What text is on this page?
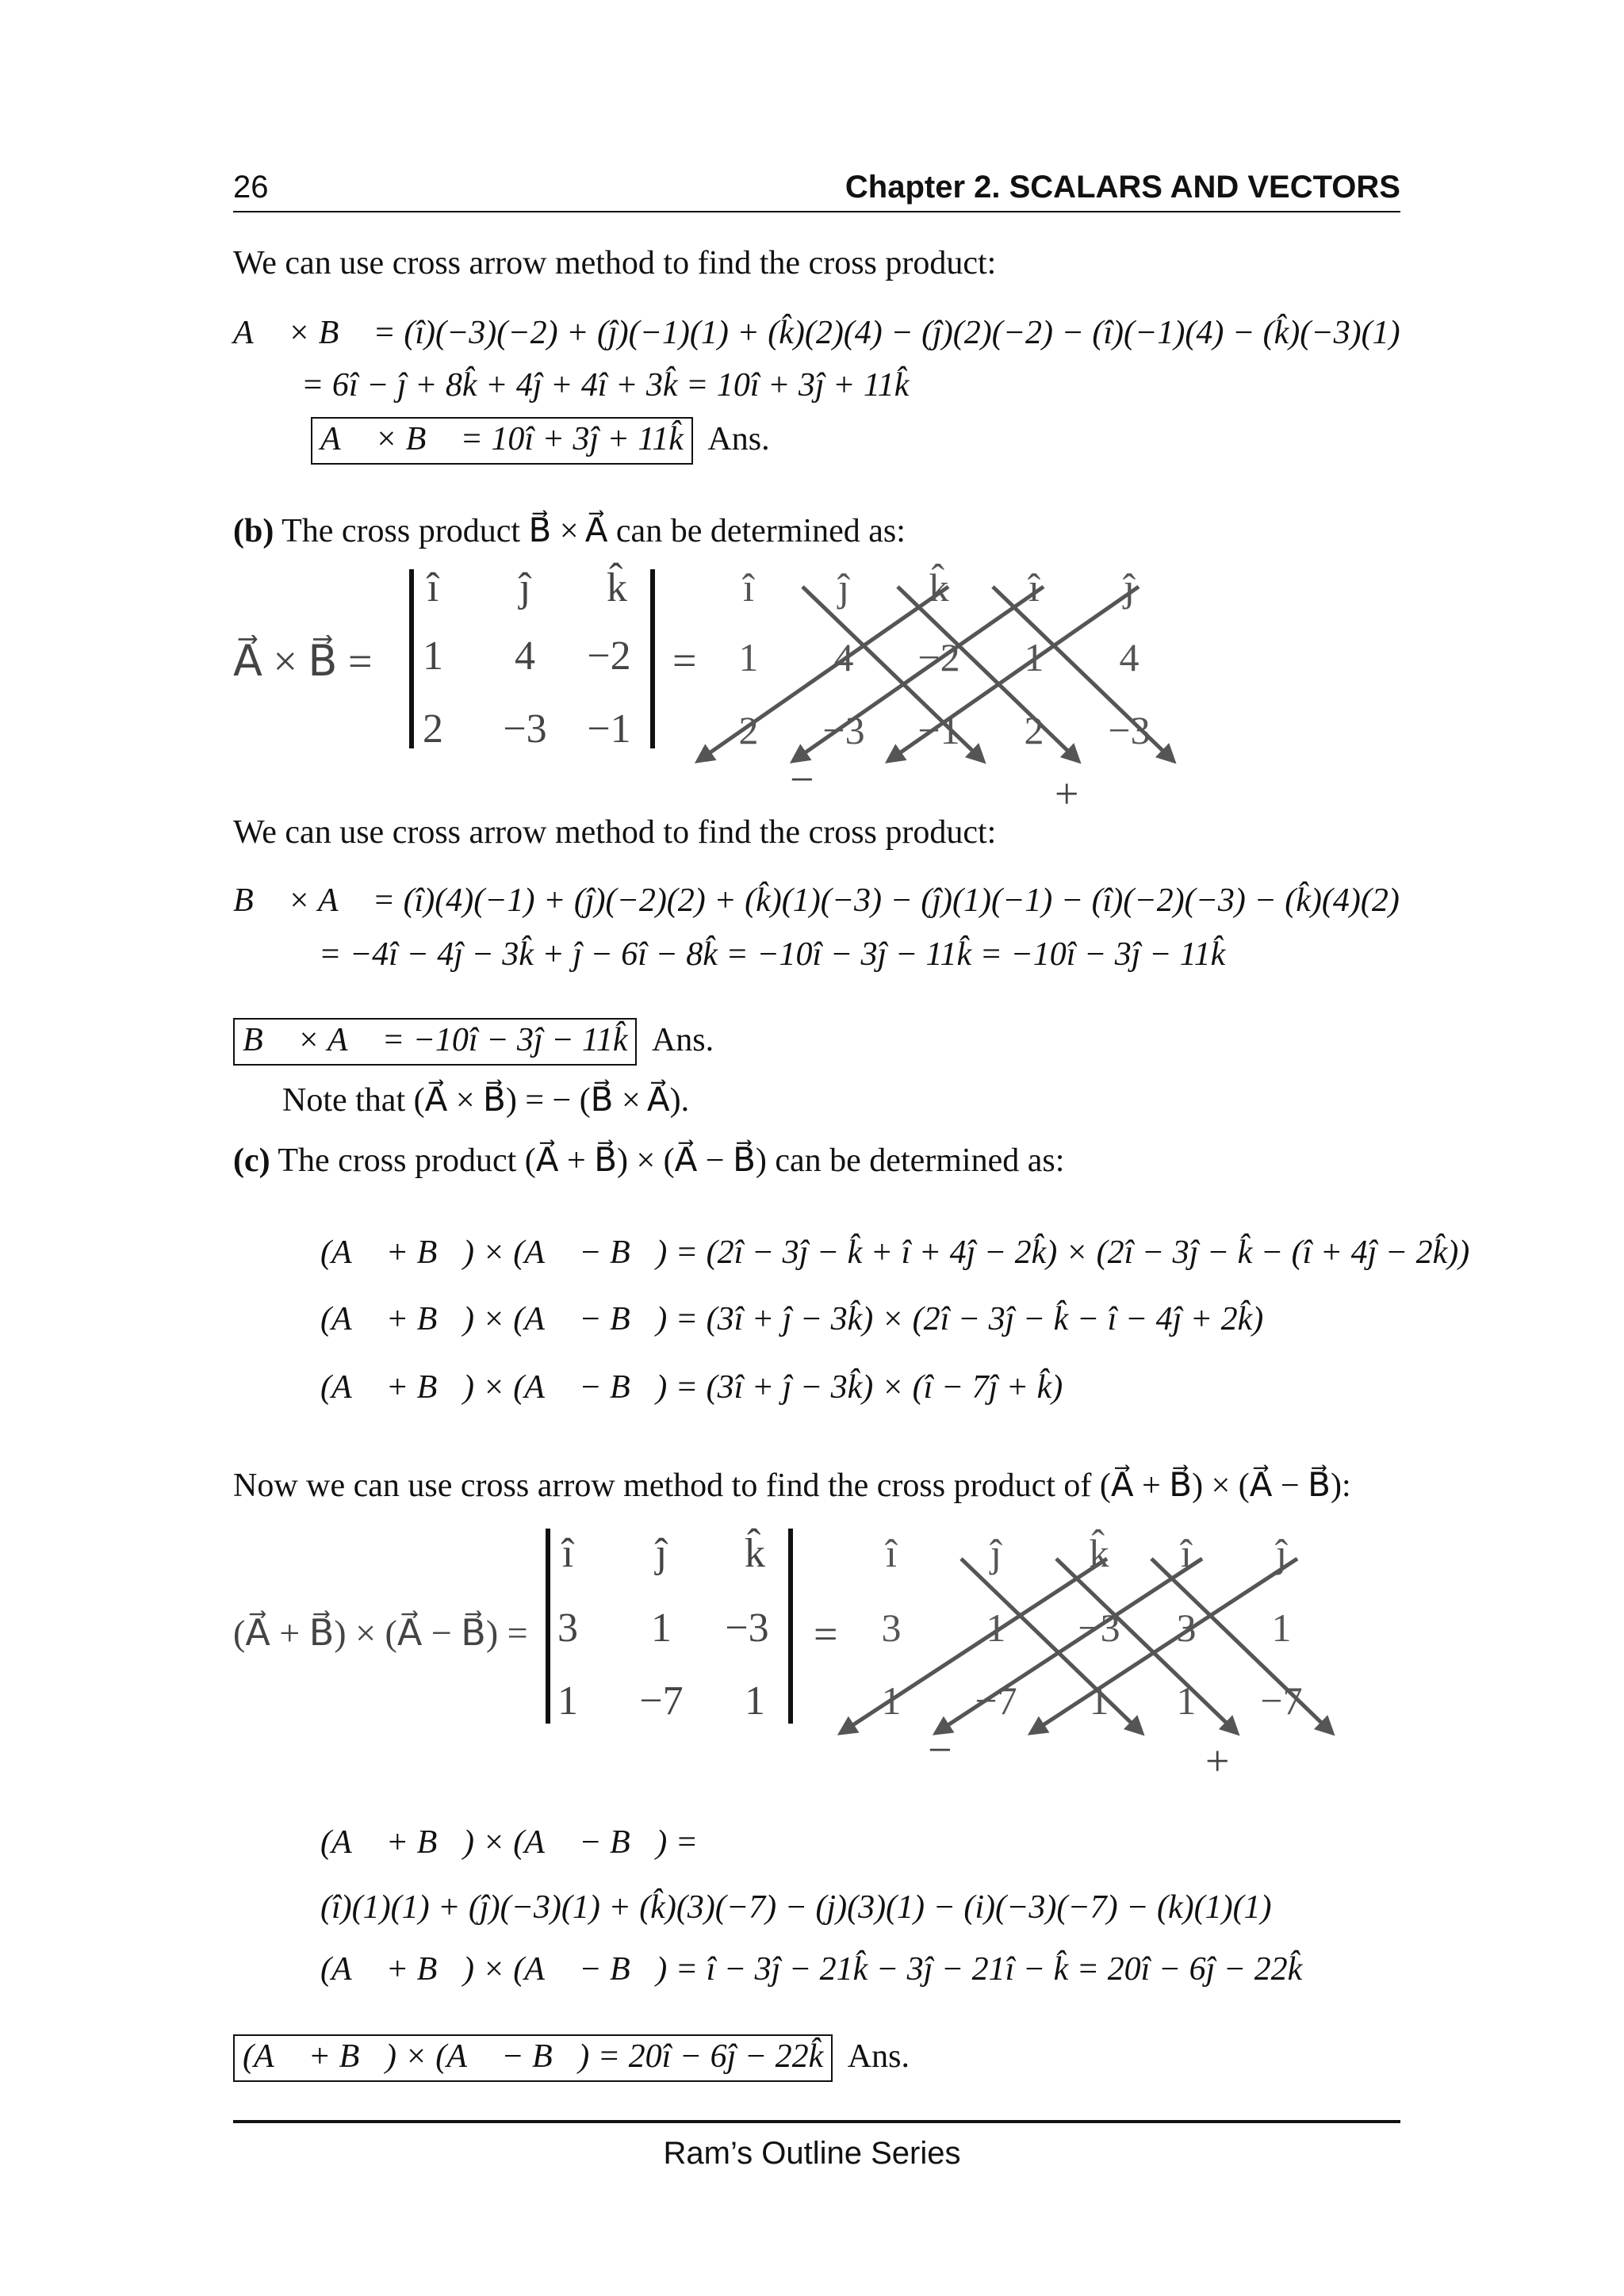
26	Chapter 2. SCALARS AND VECTORS
We can use cross arrow method to find the cross product:
A⃗ × B⃗ = (î)(−3)(−2) + (ĵ)(−1)(1) + (k̂)(2)(4) − (ĵ)(2)(−2) − (î)(−1)(4) − (k̂)(−3)(1)
= 6î − ĵ + 8k̂ + 4ĵ + 4î + 3k̂ = 10î + 3ĵ + 11k̂
A⃗ × B⃗ = 10î + 3ĵ + 11k̂ Ans.
(b) The cross product B⃗ × A⃗ can be determined as:
A⃗ × B⃗ =
î	ĵ	k̂
1	4	−2
2	−3 −1
=
î	ĵ	k̂	î	ĵ
1	4	−2	1	4
2	−3 −1	2	−3
−	+
We can use cross arrow method to find the cross product:
B⃗ × A⃗ = (î)(4)(−1) + (ĵ)(−2)(2) + (k̂)(1)(−3) − (ĵ)(1)(−1) − (î)(−2)(−3) − (k̂)(4)(2)
= −4î − 4ĵ − 3k̂ + ĵ − 6î − 8k̂ = −10î − 3ĵ − 11k̂ = −10î − 3ĵ − 11k̂
B⃗ × A⃗ = −10î − 3ĵ − 11k̂ Ans.
Note that (A⃗ × B⃗) = − (B⃗ × A⃗).
(c) The cross product (A⃗ + B⃗) × (A⃗ − B⃗) can be determined as:
(A⃗ + B⃗) × (A⃗ − B⃗) = (2î − 3ĵ − k̂ + î + 4ĵ − 2k̂) × (2î − 3ĵ − k̂ − (î + 4ĵ − 2k̂))
(A⃗ + B⃗) × (A⃗ − B⃗) = (3î + ĵ − 3k̂) × (2î − 3ĵ − k̂ − î − 4ĵ + 2k̂)
(A⃗ + B⃗) × (A⃗ − B⃗) = (3î + ĵ − 3k̂) × (î − 7ĵ + k̂)
Now we can use cross arrow method to find the cross product of (A⃗ + B⃗) × (A⃗ − B⃗):
(A⃗ + B⃗) × (A⃗ − B⃗) =
î	ĵ	k̂
3	1	−3
1	−7	1
=
î	ĵ	k̂	î	ĵ
3	1	−3	3	1
1	−7	1	1	−7
−	+
(A⃗ + B⃗) × (A⃗ − B⃗) =
(î)(1)(1) + (ĵ)(−3)(1) + (k̂)(3)(−7) − (j)(3)(1) − (i)(−3)(−7) − (k)(1)(1)
(A⃗ + B⃗) × (A⃗ − B⃗) = î − 3ĵ − 21k̂ − 3ĵ − 21î − k̂ = 20î − 6ĵ − 22k̂
(A⃗ + B⃗) × (A⃗ − B⃗) = 20î − 6ĵ − 22k̂ Ans.
Ram’s Outline Series
